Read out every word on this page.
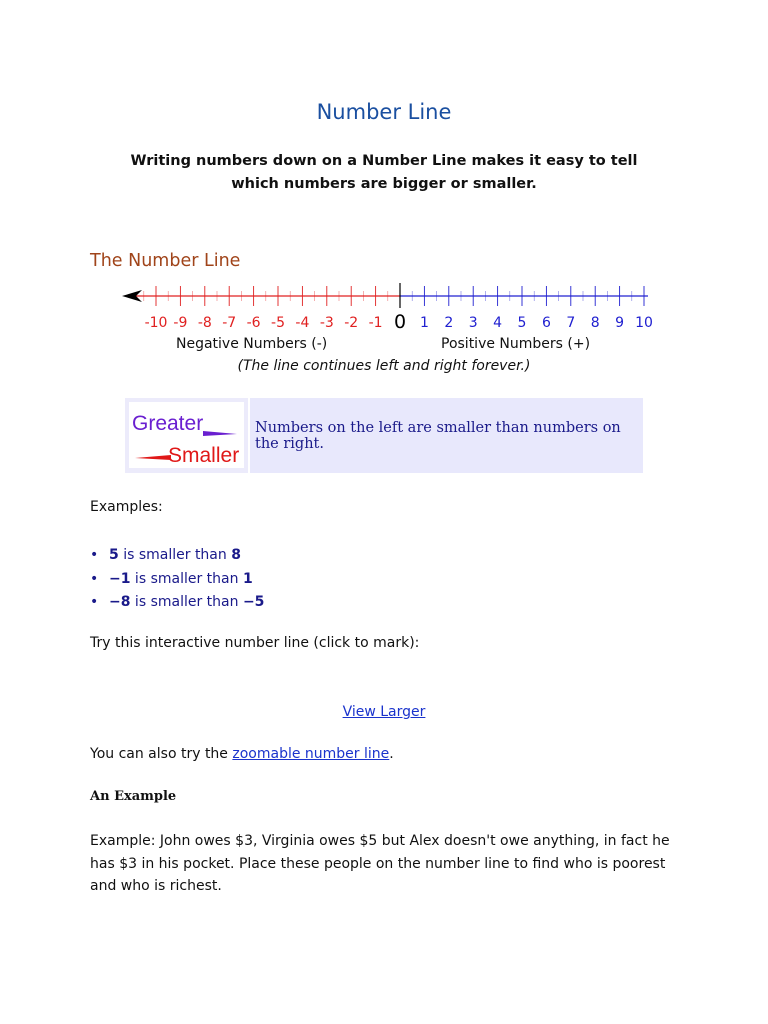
Number Line

Writing numbers down on a Number Line makes it easy to tell which numbers are bigger or smaller.

The Number Line
-10 -9 -8 -7 -6 -5 -4 -3 -2 -1 0 1 2 3 4 5 6 7 8 9 10
Negative Numbers (-)	Positive Numbers (+)
(The line continues left and right forever.)
Greater
Smaller
Numbers on the left are smaller than numbers on the right.

Examples:

• 5 is smaller than 8
• −1 is smaller than 1
• −8 is smaller than −5

Try this interactive number line (click to mark):

View Larger

You can also try the zoomable number line.

An Example

Example: John owes $3, Virginia owes $5 but Alex doesn't owe anything, in fact he has $3 in his pocket. Place these people on the number line to find who is poorest and who is richest.
